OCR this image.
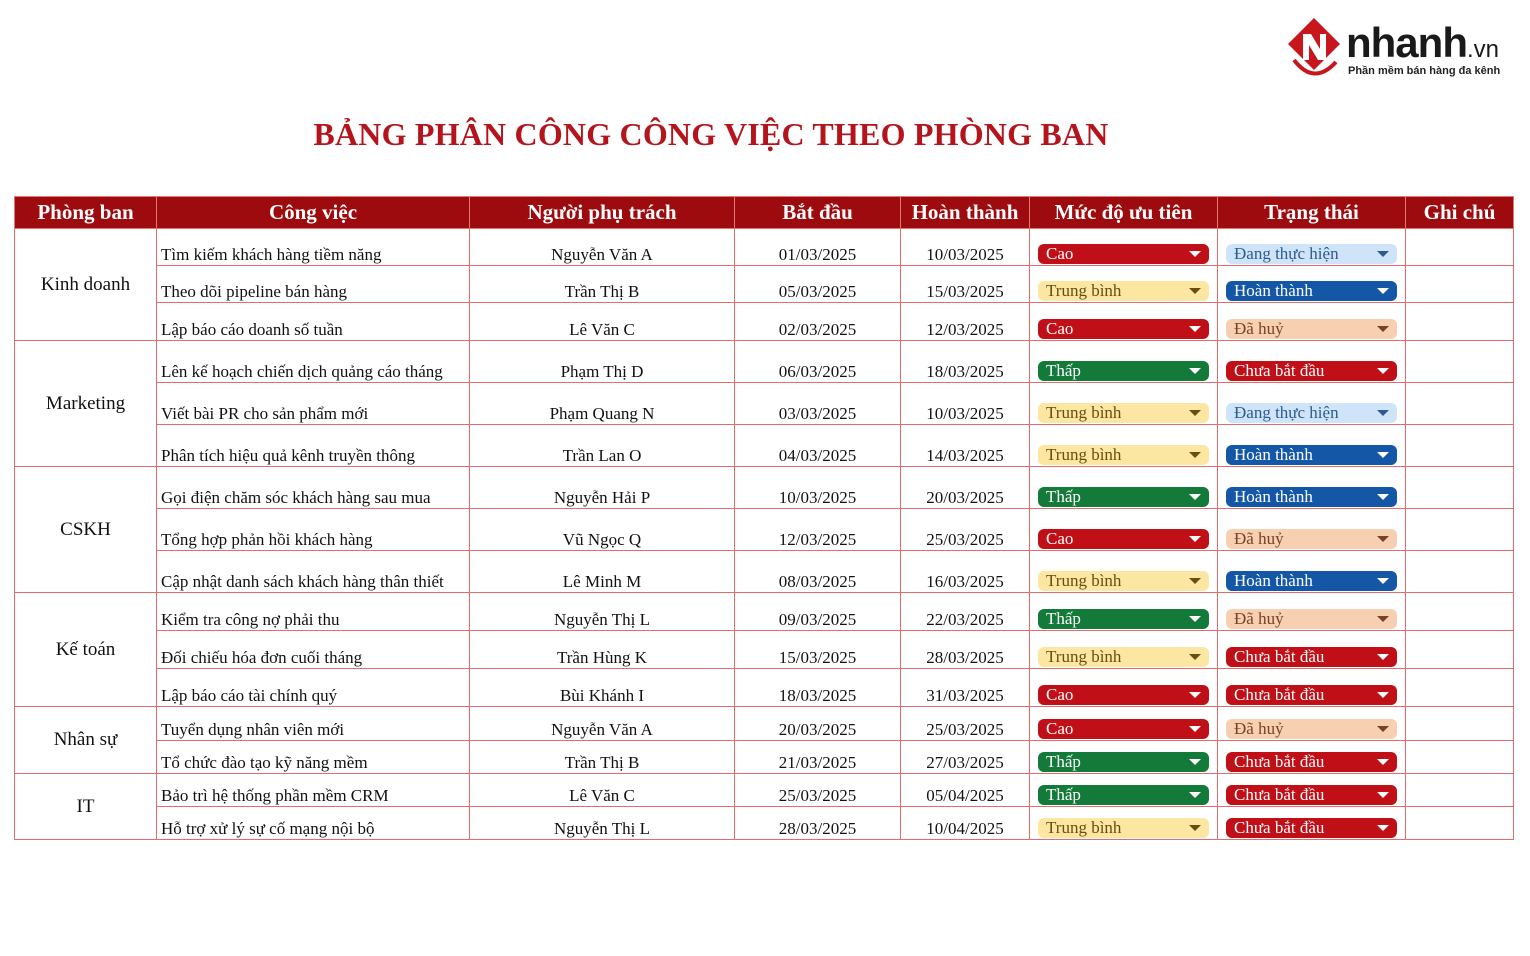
nhanh.vn
Phần mềm bán hàng đa kênh
BẢNG PHÂN CÔNG CÔNG VIỆC THEO PHÒNG BAN
Phòng ban	Công việc	Người phụ trách	Bắt đầu	Hoàn thành	Mức độ ưu tiên	Trạng thái	Ghi chú
Kinh doanh	Tìm kiếm khách hàng tiềm năng	Nguyễn Văn A	01/03/2025	10/03/2025	Cao	Đang thực hiện	

	Theo dõi pipeline bán hàng	Trần Thị B	05/03/2025	15/03/2025	Trung bình	Hoàn thành	

	Lập báo cáo doanh số tuần	Lê Văn C	02/03/2025	12/03/2025	Cao	Đã huỷ	

Marketing	Lên kế hoạch chiến dịch quảng cáo tháng	Phạm Thị D	06/03/2025	18/03/2025	Thấp	Chưa bắt đầu	

	Viết bài PR cho sản phẩm mới	Phạm Quang N	03/03/2025	10/03/2025	Trung bình	Đang thực hiện	

	Phân tích hiệu quả kênh truyền thông	Trần Lan O	04/03/2025	14/03/2025	Trung bình	Hoàn thành	

CSKH	Gọi điện chăm sóc khách hàng sau mua	Nguyễn Hải P	10/03/2025	20/03/2025	Thấp	Hoàn thành	

	Tổng hợp phản hồi khách hàng	Vũ Ngọc Q	12/03/2025	25/03/2025	Cao	Đã huỷ	

	Cập nhật danh sách khách hàng thân thiết	Lê Minh M	08/03/2025	16/03/2025	Trung bình	Hoàn thành	

Kế toán	Kiểm tra công nợ phải thu	Nguyễn Thị L	09/03/2025	22/03/2025	Thấp	Đã huỷ	

	Đối chiếu hóa đơn cuối tháng	Trần Hùng K	15/03/2025	28/03/2025	Trung bình	Chưa bắt đầu	

	Lập báo cáo tài chính quý	Bùi Khánh I	18/03/2025	31/03/2025	Cao	Chưa bắt đầu	

Nhân sự	Tuyển dụng nhân viên mới	Nguyễn Văn A	20/03/2025	25/03/2025	Cao	Đã huỷ	

	Tổ chức đào tạo kỹ năng mềm	Trần Thị B	21/03/2025	27/03/2025	Thấp	Chưa bắt đầu	

IT	Bảo trì hệ thống phần mềm CRM	Lê Văn C	25/03/2025	05/04/2025	Thấp	Chưa bắt đầu	

	Hỗ trợ xử lý sự cố mạng nội bộ	Nguyễn Thị L	28/03/2025	10/04/2025	Trung bình	Chưa bắt đầu	
